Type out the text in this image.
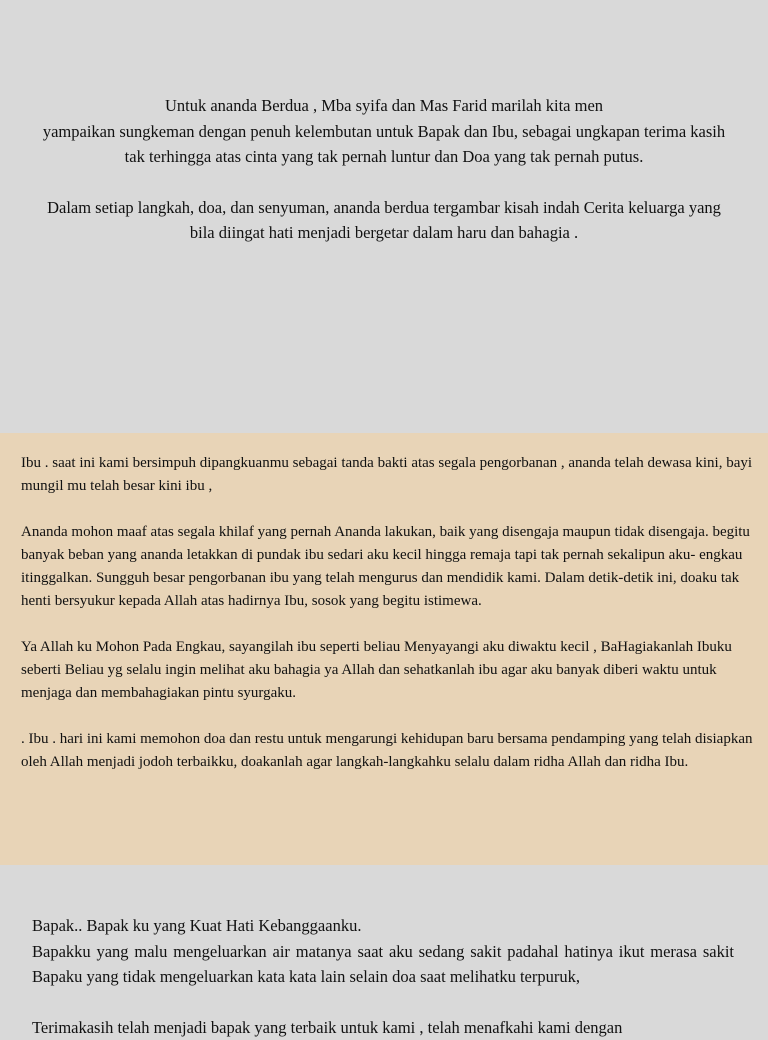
Untuk ananda Berdua , Mba syifa dan Mas Farid marilah kita men
yampaikan sungkeman dengan penuh kelembutan untuk Bapak dan Ibu, sebagai ungkapan terima kasih tak terhingga atas cinta yang tak pernah luntur dan Doa yang tak pernah putus.

Dalam setiap langkah, doa, dan senyuman, ananda berdua tergambar kisah indah Cerita keluarga yang bila diingat hati menjadi bergetar dalam haru dan bahagia .

Ibu . saat ini kami bersimpuh dipangkuanmu sebagai tanda bakti atas segala pengorbanan , ananda telah dewasa kini, bayi mungil mu telah besar kini ibu ,

Ananda mohon maaf atas segala khilaf yang pernah Ananda lakukan, baik yang disengaja maupun tidak disengaja. begitu banyak beban yang ananda letakkan di pundak ibu sedari aku kecil hingga remaja tapi tak pernah sekalipun aku- engkau itinggalkan. Sungguh besar pengorbanan ibu yang telah mengurus dan mendidik kami. Dalam detik-detik ini, doaku tak henti bersyukur kepada Allah atas hadirnya Ibu, sosok yang begitu istimewa.

Ya Allah ku Mohon Pada Engkau, sayangilah ibu seperti beliau Menyayangi aku diwaktu kecil , BaHagiakanlah Ibuku seberti Beliau yg selalu ingin melihat aku bahagia ya Allah dan sehatkanlah ibu agar aku banyak diberi waktu untuk menjaga dan membahagiakan pintu syurgaku.

. Ibu . hari ini kami memohon doa dan restu untuk mengarungi kehidupan baru bersama pendamping yang telah disiapkan oleh Allah menjadi jodoh terbaikku, doakanlah agar langkah-langkahku selalu dalam ridha Allah dan ridha Ibu.

Bapak.. Bapak ku yang Kuat Hati Kebanggaanku.

Bapakku yang malu mengeluarkan air matanya saat aku sedang sakit padahal hatinya ikut merasa sakit Bapaku yang tidak mengeluarkan kata kata lain selain doa saat melihatku terpuruk,

Terimakasih telah menjadi bapak yang terbaik untuk kami , telah menafkahi kami dengan
